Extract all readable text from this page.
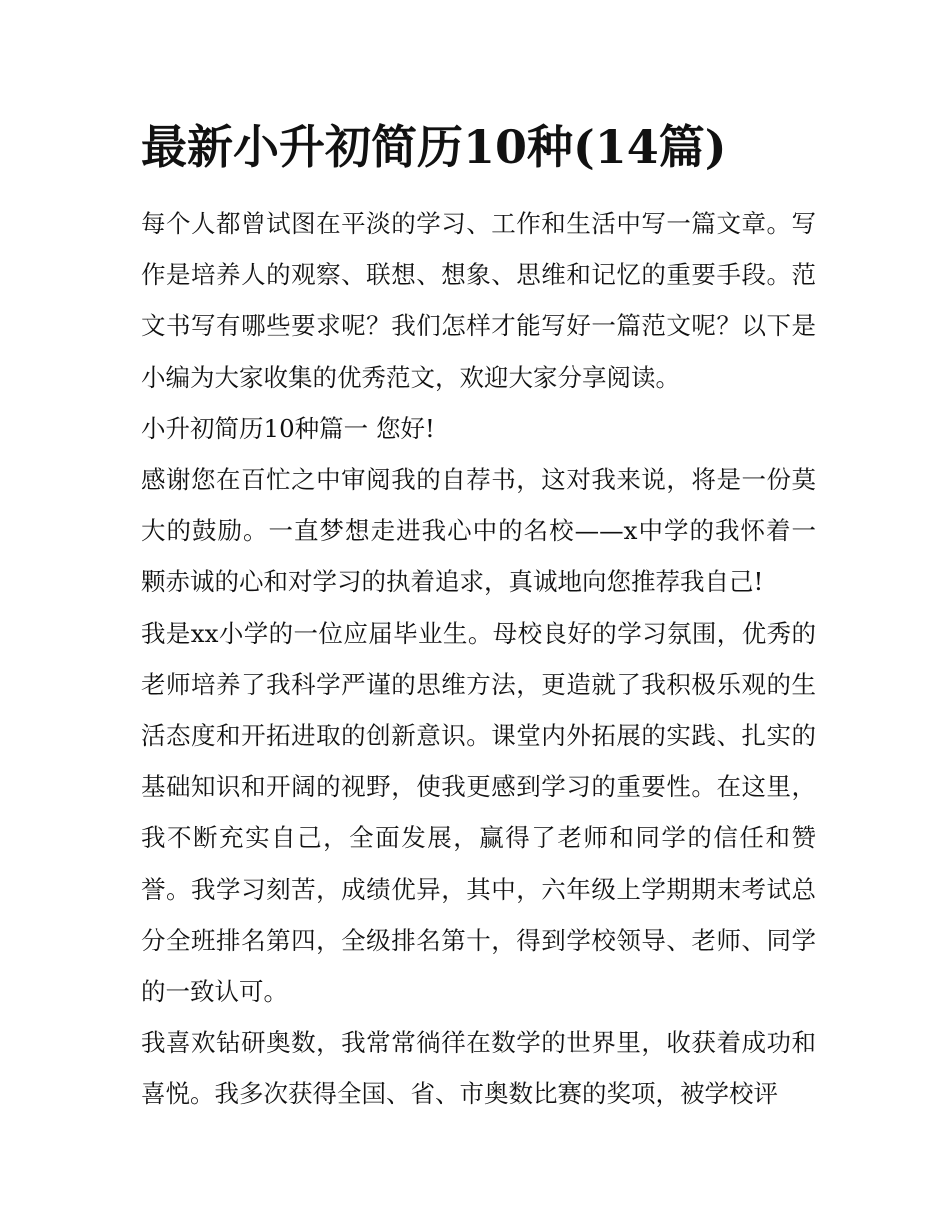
最新小升初简历10种(14篇)

每个人都曾试图在平淡的学习、工作和生活中写一篇文章。写作是培养人的观察、联想、想象、思维和记忆的重要手段。范文书写有哪些要求呢？我们怎样才能写好一篇范文呢？以下是小编为大家收集的优秀范文，欢迎大家分享阅读。

小升初简历10种篇一 您好!

感谢您在百忙之中审阅我的自荐书，这对我来说，将是一份莫大的鼓励。一直梦想走进我心中的名校——x中学的我怀着一颗赤诚的心和对学习的执着追求，真诚地向您推荐我自己!

我是xx小学的一位应届毕业生。母校良好的学习氛围，优秀的老师培养了我科学严谨的思维方法，更造就了我积极乐观的生活态度和开拓进取的创新意识。课堂内外拓展的实践、扎实的基础知识和开阔的视野，使我更感到学习的重要性。在这里，我不断充实自己，全面发展，赢得了老师和同学的信任和赞誉。我学习刻苦，成绩优异，其中，六年级上学期期末考试总分全班排名第四，全级排名第十，得到学校领导、老师、同学的一致认可。

我喜欢钻研奥数，我常常徜徉在数学的世界里，收获着成功和喜悦。我多次获得全国、省、市奥数比赛的奖项，被学校评
